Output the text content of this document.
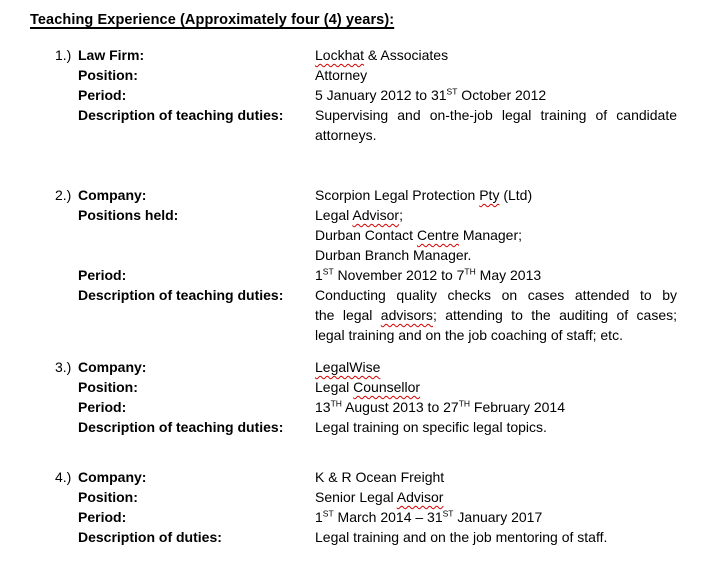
Teaching Experience (Approximately four (4) years):
1.) Law Firm:	Lockhat & Associates
Position:	Attorney
Period:	5 January 2012 to 31ST October 2012
Description of teaching duties:	Supervising and on-the-job legal training of candidate
attorneys.
2.) Company:	Scorpion Legal Protection Pty (Ltd)
Positions held:	Legal Advisor;
Durban Contact Centre Manager;
Durban Branch Manager.
Period:	1ST November 2012 to 7TH May 2013
Description of teaching duties:	Conducting quality checks on cases attended to by
the legal advisors; attending to the auditing of cases;
legal training and on the job coaching of staff; etc.
3.) Company:	LegalWise
Position:	Legal Counsellor
Period:	13TH August 2013 to 27TH February 2014
Description of teaching duties:	Legal training on specific legal topics.
4.) Company:	K & R Ocean Freight
Position:	Senior Legal Advisor
Period:	1ST March 2014 – 31ST January 2017
Description of duties:	Legal training and on the job mentoring of staff.
